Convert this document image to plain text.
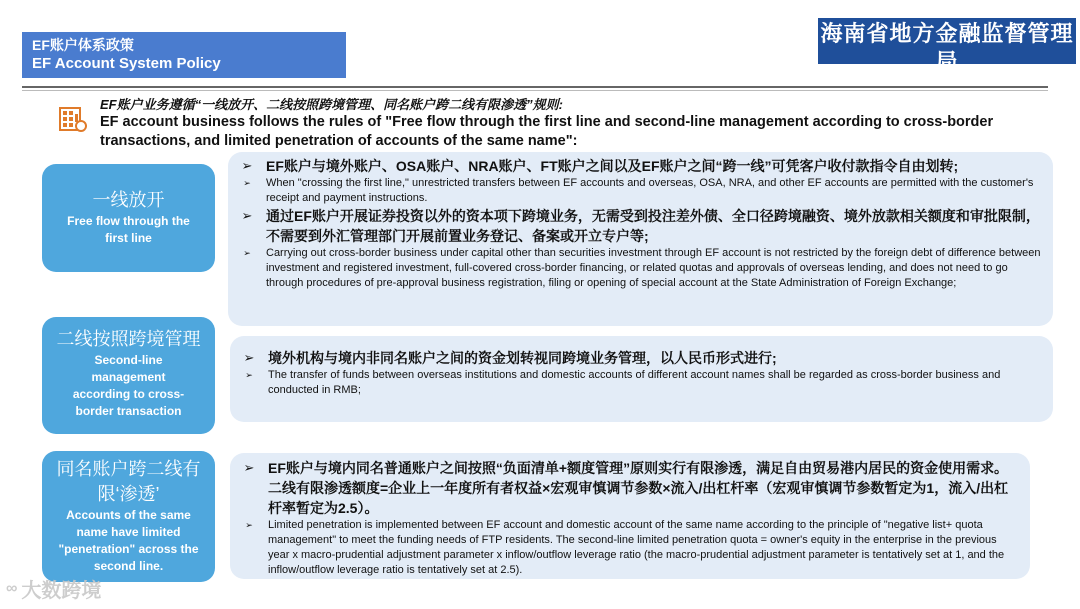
EF账户体系政策
EF Account System Policy
海南省地方金融监督管理局
Local Financial Regulatory Bureau of Hainan Province
EF账户业务遵循“一线放开、二线按照跨境管理、同名账户跨二线有限渗透”规则:
EF account business follows the rules of "Free flow through the first line and second-line management according to cross-border transactions, and limited penetration of accounts of the same name":
一线放开
Free flow through the first line
➢ EF账户与境外账户、OSA账户、NRA账户、FT账户之间以及EF账户之间“跨一线”可凭客户收付款指令自由划转;
➢	When "crossing the first line," unrestricted transfers between EF accounts and overseas, OSA, NRA, and other EF accounts are permitted with the customer's receipt and payment instructions.
➢ 通过EF账户开展证券投资以外的资本项下跨境业务，无需受到投注差外债、全口径跨境融资、境外放款相关额度和审批限制，不需要到外汇管理部门开展前置业务登记、备案或开立专户等;
➢	Carrying out cross-border business under capital other than securities investment through EF account is not restricted by the foreign debt of difference between investment and registered investment, full-covered cross-border financing, or related quotas and approvals of overseas lending, and does not need to go through procedures of pre-approval business registration, filing or opening of special account at the State Administration of Foreign Exchange;
二线按照跨境管理
Second-line management according to cross-border transaction
➢ 境外机构与境内非同名账户之间的资金划转视同跨境业务管理，以人民币形式进行;
➢	The transfer of funds between overseas institutions and domestic accounts of different account names shall be regarded as cross-border business and conducted in RMB;
同名账户跨二线有限‘渗透’
Accounts of the same name have limited "penetration" across the second line.
➢ EF账户与境内同名普通账户之间按照“负面清单+额度管理”原则实行有限渗透，满足自由贸易港内居民的资金使用需求。二线有限渗透额度=企业上一年度所有者权益×宏观审慎调节参数×流入/出杠杆率（宏观审慎调节参数暂定为1，流入/出杠杆率暂定为2.5）。
➢	Limited penetration is implemented between EF account and domestic account of the same name according to the principle of "negative list+ quota management" to meet the funding needs of FTP residents. The second-line limited penetration quota = owner's equity in the enterprise in the previous year x macro-prudential adjustment parameter x inflow/outflow leverage ratio (the macro-prudential adjustment parameter is tentatively set at 1, and the inflow/outflow leverage ratio is tentatively set at 2.5).
∞ 大数跨境
